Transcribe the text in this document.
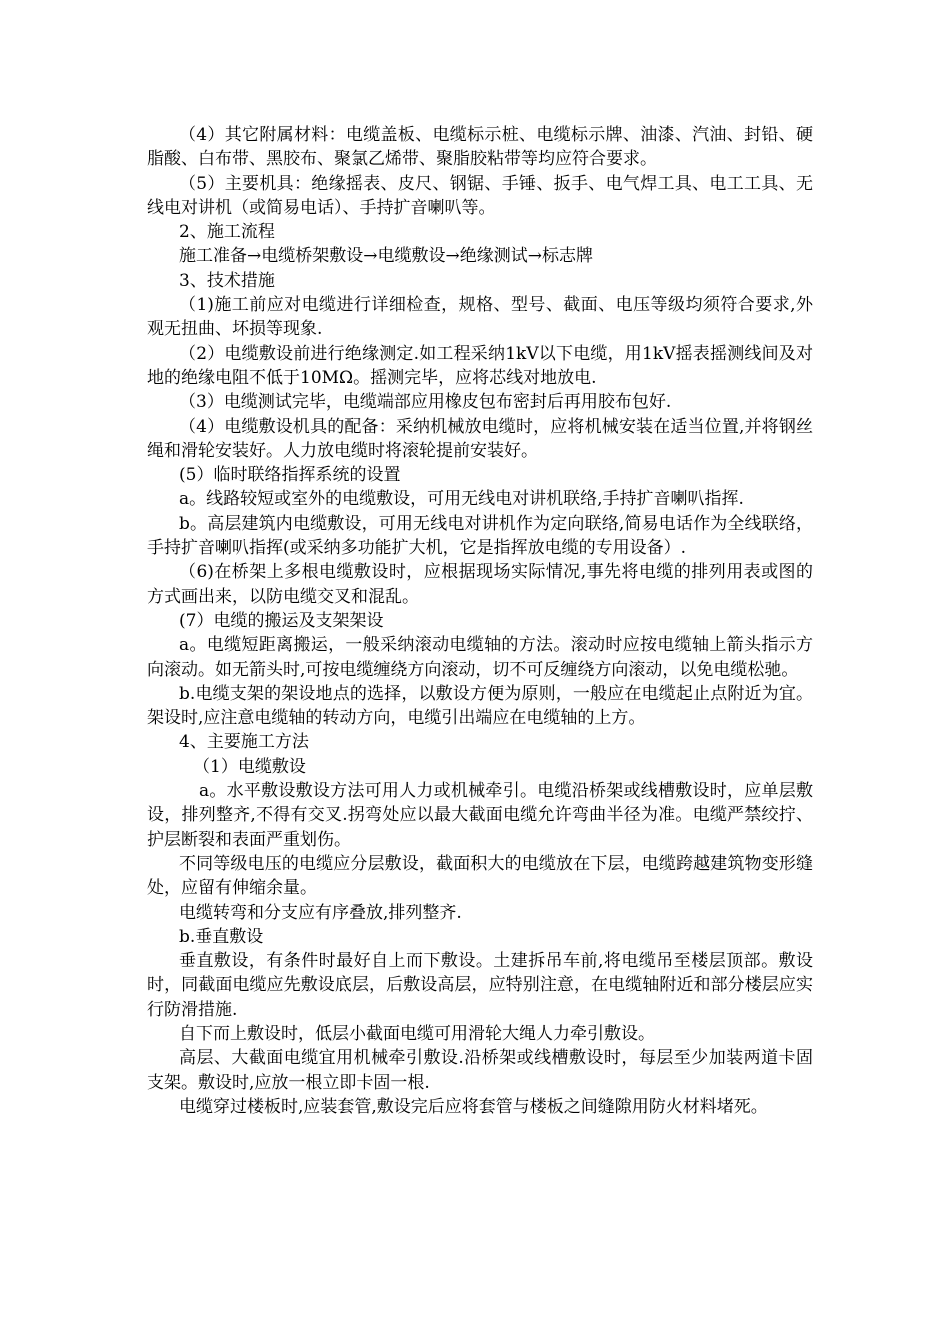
（4）其它附属材料：电缆盖板、电缆标示桩、电缆标示牌、油漆、汽油、封铅、硬脂酸、白布带、黑胶布、聚氯乙烯带、聚脂胶粘带等均应符合要求。

（5）主要机具：绝缘摇表、皮尺、钢锯、手锤、扳手、电气焊工具、电工工具、无线电对讲机（或简易电话）、手持扩音喇叭等。

2、施工流程

施工准备→电缆桥架敷设→电缆敷设→绝缘测试→标志牌

3、技术措施

（1)施工前应对电缆进行详细检查，规格、型号、截面、电压等级均须符合要求,外观无扭曲、坏损等现象.

（2）电缆敷设前进行绝缘测定.如工程采纳1kV以下电缆，用1kV摇表摇测线间及对地的绝缘电阻不低于10MΩ。摇测完毕，应将芯线对地放电.

（3）电缆测试完毕，电缆端部应用橡皮包布密封后再用胶布包好.

（4）电缆敷设机具的配备：采纳机械放电缆时，应将机械安装在适当位置,并将钢丝绳和滑轮安装好。人力放电缆时将滚轮提前安装好。

(5）临时联络指挥系统的设置

a。线路较短或室外的电缆敷设，可用无线电对讲机联络,手持扩音喇叭指挥.

b。高层建筑内电缆敷设，可用无线电对讲机作为定向联络,简易电话作为全线联络，手持扩音喇叭指挥(或采纳多功能扩大机，它是指挥放电缆的专用设备）.

（6)在桥架上多根电缆敷设时，应根据现场实际情况,事先将电缆的排列用表或图的方式画出来，以防电缆交叉和混乱。

(7）电缆的搬运及支架架设

a。电缆短距离搬运，一般采纳滚动电缆轴的方法。滚动时应按电缆轴上箭头指示方向滚动。如无箭头时,可按电缆缠绕方向滚动，切不可反缠绕方向滚动，以免电缆松驰。

b.电缆支架的架设地点的选择，以敷设方便为原则，一般应在电缆起止点附近为宜。架设时,应注意电缆轴的转动方向，电缆引出端应在电缆轴的上方。

4、主要施工方法

（1）电缆敷设

a。水平敷设敷设方法可用人力或机械牵引。电缆沿桥架或线槽敷设时，应单层敷设，排列整齐,不得有交叉.拐弯处应以最大截面电缆允许弯曲半径为准。电缆严禁绞拧、护层断裂和表面严重划伤。

不同等级电压的电缆应分层敷设，截面积大的电缆放在下层，电缆跨越建筑物变形缝处，应留有伸缩余量。

电缆转弯和分支应有序叠放,排列整齐.

b.垂直敷设

垂直敷设，有条件时最好自上而下敷设。土建拆吊车前,将电缆吊至楼层顶部。敷设时，同截面电缆应先敷设底层，后敷设高层，应特别注意，在电缆轴附近和部分楼层应实行防滑措施.

自下而上敷设时，低层小截面电缆可用滑轮大绳人力牵引敷设。

高层、大截面电缆宜用机械牵引敷设.沿桥架或线槽敷设时，每层至少加装两道卡固支架。敷设时,应放一根立即卡固一根.

电缆穿过楼板时,应装套管,敷设完后应将套管与楼板之间缝隙用防火材料堵死。
